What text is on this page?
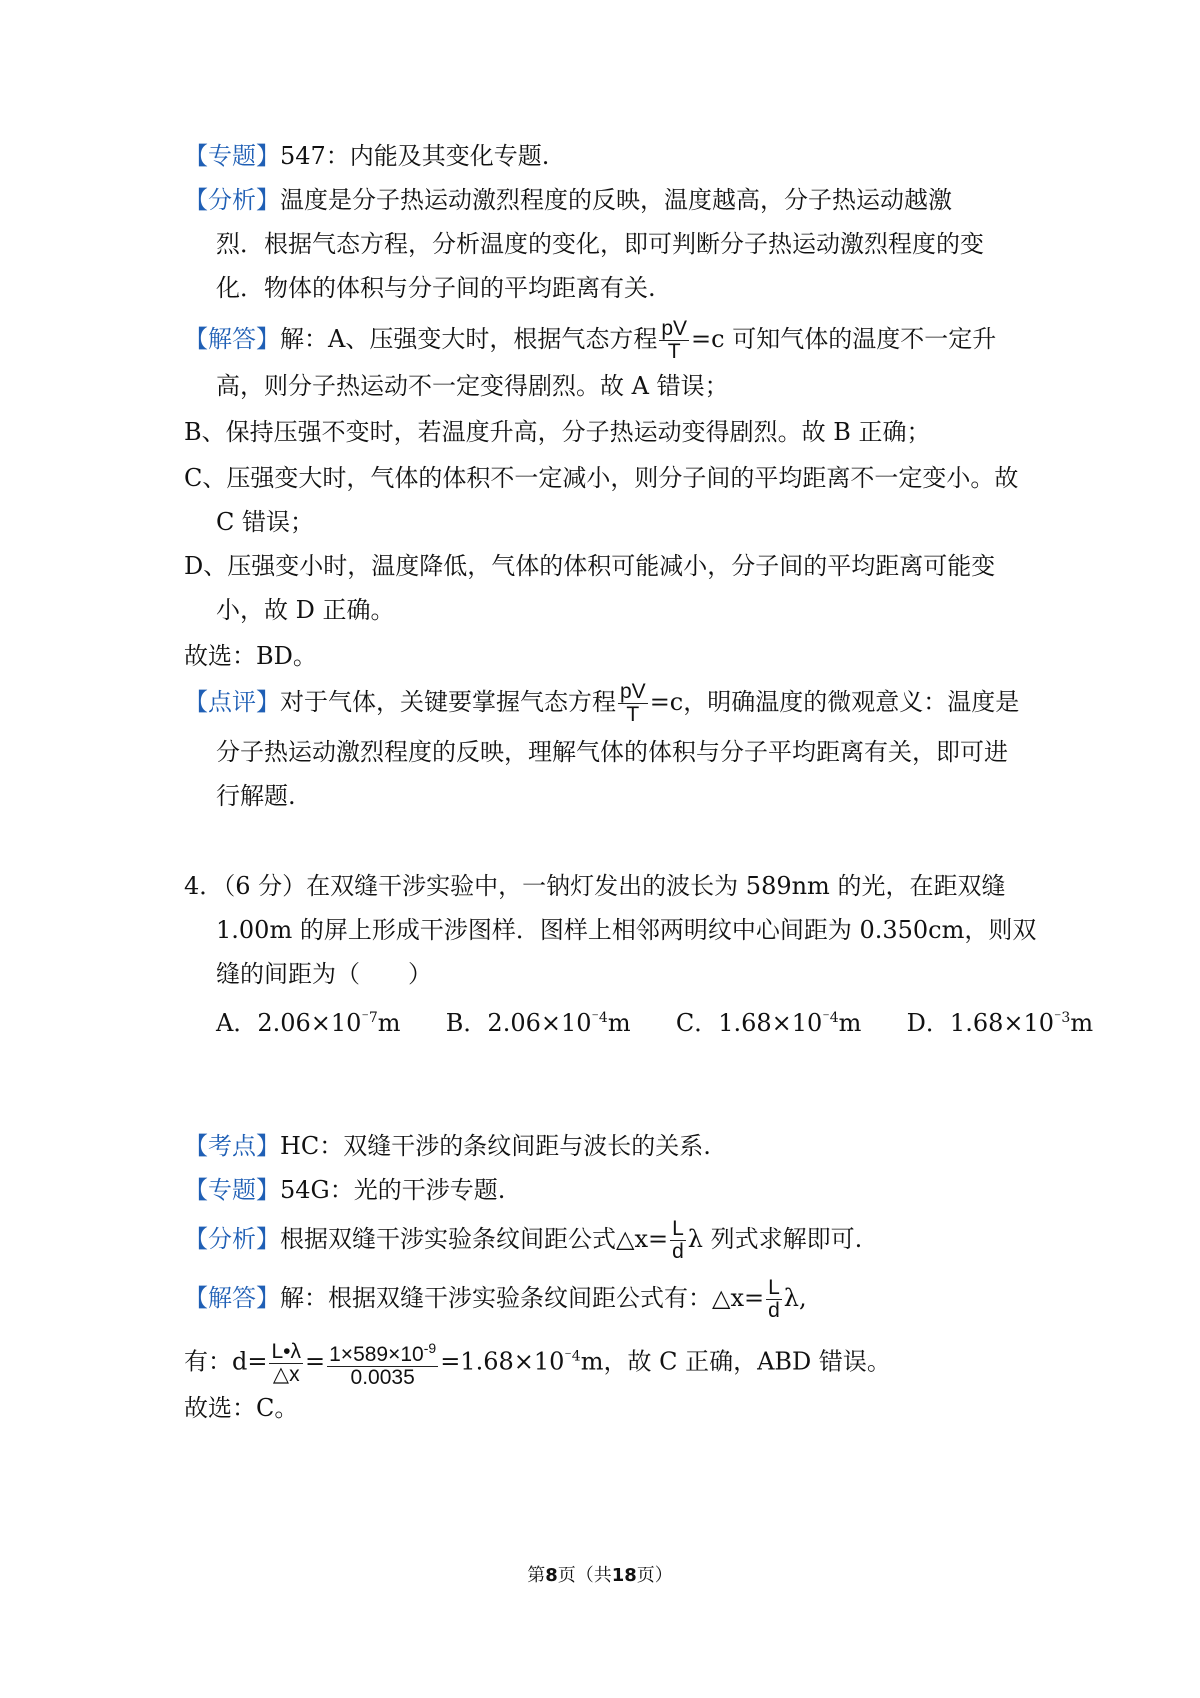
【专题】547：内能及其变化专题.
【分析】温度是分子热运动激烈程度的反映，温度越高，分子热运动越激
烈．根据气态方程，分析温度的变化，即可判断分子热运动激烈程度的变
化．物体的体积与分子间的平均距离有关.
【解答】解：A、压强变大时，根据气态方程 $\frac{pV}{T} =c$ 可知气体的温度不一定升
高，则分子热运动不一定变得剧烈。故 A 错误；
B、保持压强不变时，若温度升高，分子热运动变得剧烈。故 B 正确；
C、压强变大时，气体的体积不一定减小，则分子间的平均距离不一定变小。故
C 错误；
D、压强变小时，温度降低，气体的体积可能减小，分子间的平均距离可能变
小，故 D 正确。
故选：BD。
【点评】对于气体，关键要掌握气态方程 $\frac{pV}{T} =c$，明确温度的微观意义：温度是
分子热运动激烈程度的反映，理解气体的体积与分子平均距离有关，即可进
行解题.
4．（6 分）在双缝干涉实验中，一钠灯发出的波长为 589nm 的光，在距双缝
1.00m 的屏上形成干涉图样．图样上相邻两明纹中心间距为 0.350cm，则双
缝的间距为（　　）
A．$2.06\times 10^{^-7}m$ B．$2.06\times 10^{^-4}m$ C．$1.68\times 10^{^-4}m$ D．$1.68\times 10^{^-3}m$
【考点】HC：双缝干涉的条纹间距与波长的关系.
【专题】54G：光的干涉专题.
【分析】根据双缝干涉实验条纹间距公式△x= $\frac{L}{d}$ λ 列式求解即可.
【解答】解：根据双缝干涉实验条纹间距公式有：△x= $\frac{L}{d} \lambda$,
有：$d= \frac{L•\lambda}{\triangle x} = \frac{1\times 589\times 10^{-9}}{0.0035} =1.68\times 10^{^-4}m$，故 C 正确，ABD 错误。
故选：C。
第8页（共18页）
